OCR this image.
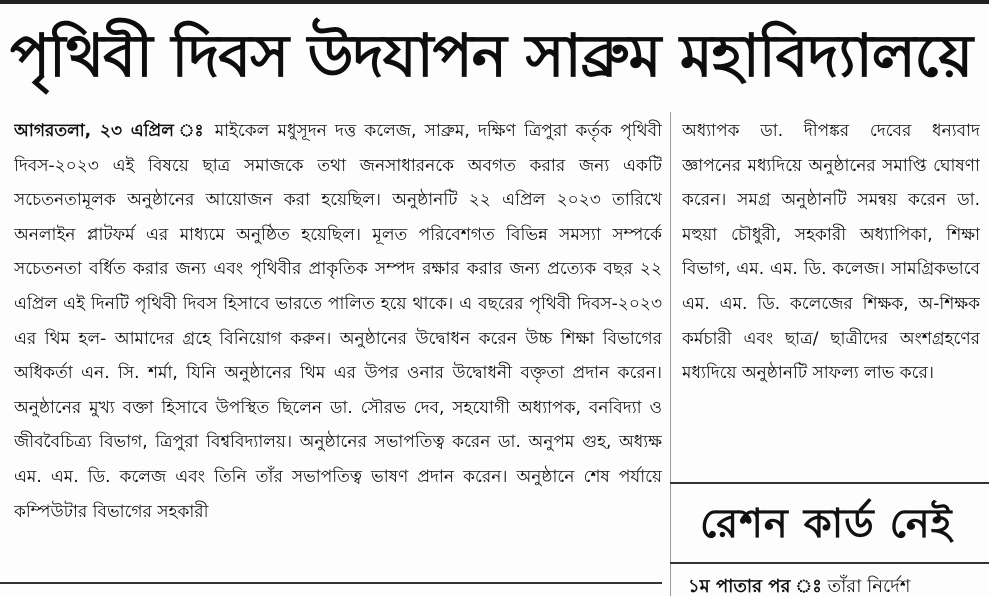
পৃথিবী দিবস উদযাপন সাব্রুম মহাবিদ্যালয়ে

আগরতলা, ২৩ এপ্রিল ঃ মাইকেল মধুসূদন দত্ত কলেজ, সাব্রুম, দক্ষিণ ত্রিপুরা কর্তৃক পৃথিবী দিবস-২০২৩ এই বিষয়ে ছাত্র সমাজকে তথা জনসাধারনকে অবগত করার জন্য একটি সচেতনতামূলক অনুষ্ঠানের আয়োজন করা হয়েছিল। অনুষ্ঠানটি ২২ এপ্রিল ২০২৩ তারিখে অনলাইন প্লাটফর্ম এর মাধ্যমে অনুষ্ঠিত হয়েছিল। মূলত পরিবেশগত বিভিন্ন সমস্যা সম্পর্কে সচেতনতা বর্ধিত করার জন্য এবং পৃথিবীর প্রাকৃতিক সম্পদ রক্ষার করার জন্য প্রত্যেক বছর ২২ এপ্রিল এই দিনটি পৃথিবী দিবস হিসাবে ভারতে পালিত হয়ে থাকে। এ বছরের পৃথিবী দিবস-২০২৩ এর থিম হল- আমাদের গ্রহে বিনিয়োগ করুন। অনুষ্ঠানের উদ্বোধন করেন উচ্চ শিক্ষা বিভাগের অধিকর্তা এন. সি. শর্মা, যিনি অনুষ্ঠানের থিম এর উপর ওনার উদ্বোধনী বক্তৃতা প্রদান করেন। অনুষ্ঠানের মুখ্য বক্তা হিসাবে উপস্থিত ছিলেন ডা. সৌরভ দেব, সহযোগী অধ্যাপক, বনবিদ্যা ও জীববৈচিত্র্য বিভাগ, ত্রিপুরা বিশ্ববিদ্যালয়। অনুষ্ঠানের সভাপতিত্ব করেন ডা. অনুপম গুহ, অধ্যক্ষ এম. এম. ডি. কলেজ এবং তিনি তাঁর সভাপতিত্ব ভাষণ প্রদান করেন। অনুষ্ঠানে শেষ পর্যায়ে কম্পিউটার বিভাগের সহকারী

অধ্যাপক ডা. দীপঙ্কর দেবের ধন্যবাদ জ্ঞাপনের মধ্যদিয়ে অনুষ্ঠানের সমাপ্তি ঘোষণা করেন। সমগ্র অনুষ্ঠানটি সমন্বয় করেন ডা. মহুয়া চৌধুরী, সহকারী অধ্যাপিকা, শিক্ষা বিভাগ, এম. এম. ডি. কলেজ। সামগ্রিকভাবে এম. এম. ডি. কলেজের শিক্ষক, অ-শিক্ষক কর্মচারী এবং ছাত্র/ ছাত্রীদের অংশগ্রহণের মধ্যদিয়ে অনুষ্ঠানটি সাফল্য লাভ করে।

রেশন কার্ড নেই
১ম পাতার পর ঃ তাঁরা নির্দেশ
